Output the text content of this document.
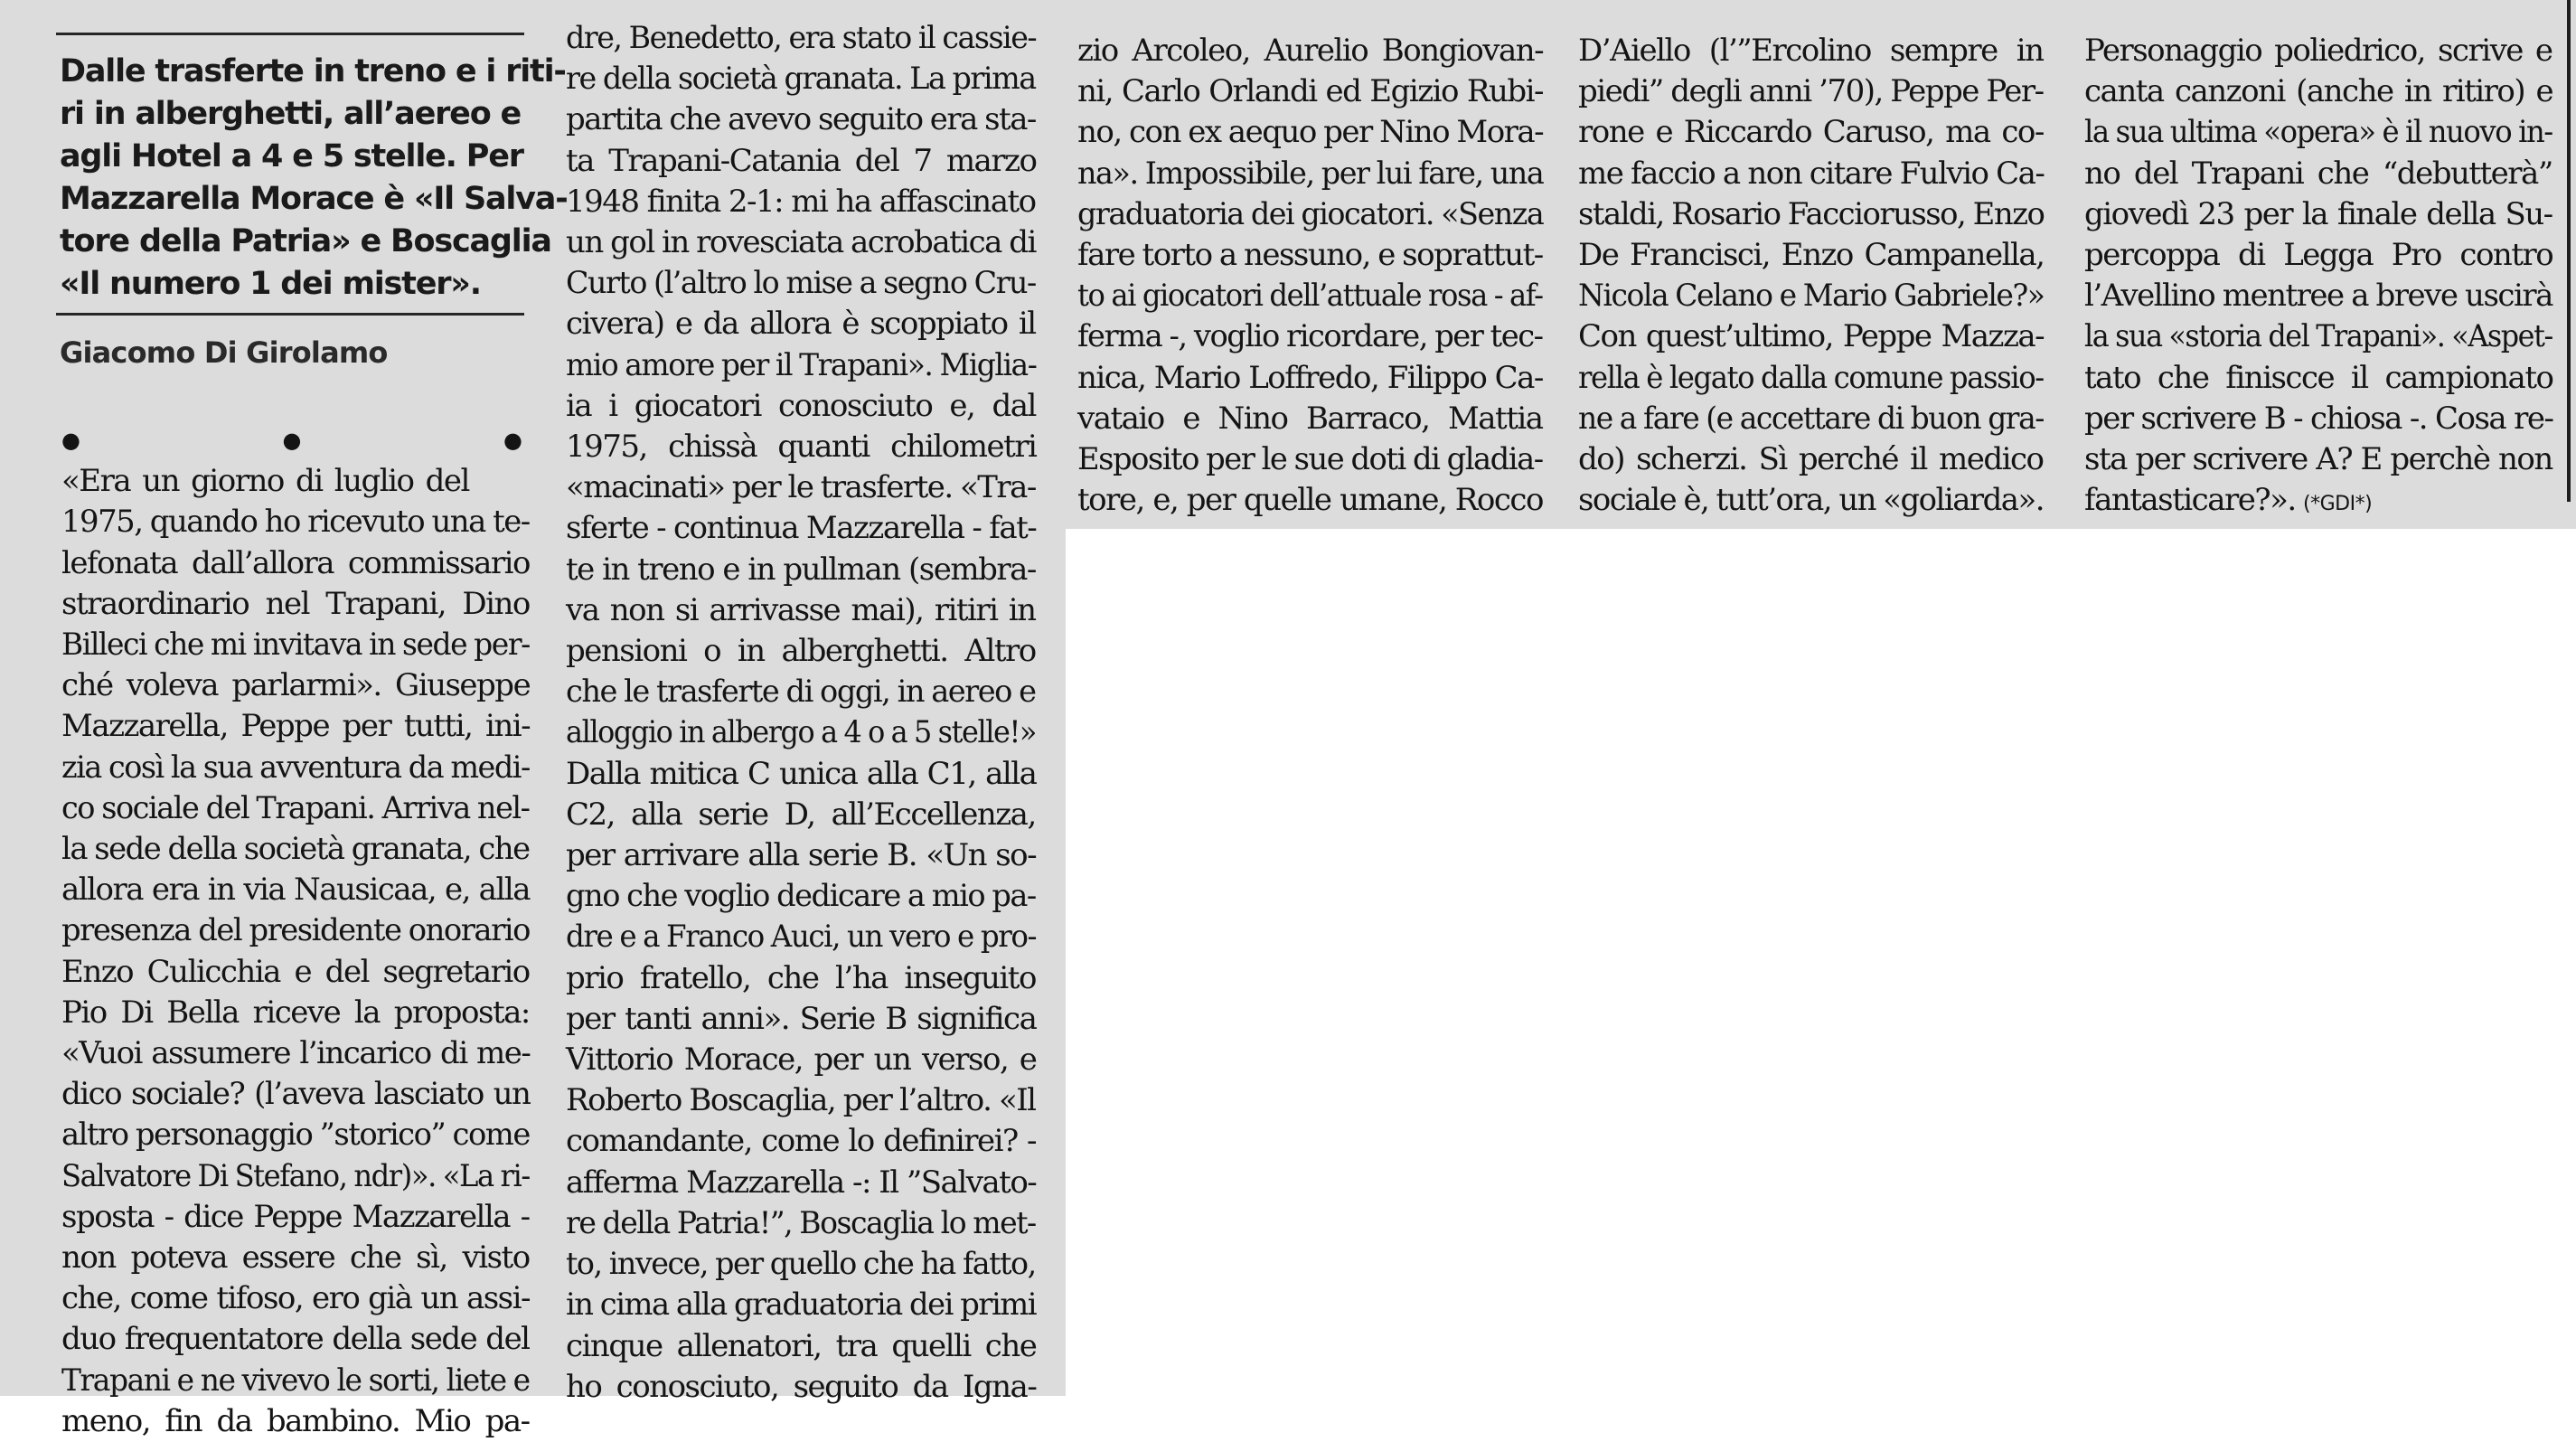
Dalle trasferte in treno e i riti-
ri in alberghetti, all’aereo e
agli Hotel a 4 e 5 stelle. Per
Mazzarella Morace è «Il Salva-
tore della Patria» e Boscaglia
«Il numero 1 dei mister».
Giacomo Di Girolamo
●●● «Era un giorno di luglio del
1975, quando ho ricevuto una te-
lefonata dall’allora commissario
straordinario nel Trapani, Dino
Billeci che mi invitava in sede per-
ché voleva parlarmi». Giuseppe
Mazzarella, Peppe per tutti, ini-
zia così la sua avventura da medi-
co sociale del Trapani. Arriva nel-
la sede della società granata, che
allora era in via Nausicaa, e, alla
presenza del presidente onorario
Enzo Culicchia e del segretario
Pio Di Bella riceve la proposta:
«Vuoi assumere l’incarico di me-
dico sociale? (l’aveva lasciato un
altro personaggio ”storico” come
Salvatore Di Stefano, ndr)». «La ri-
sposta - dice Peppe Mazzarella -
non poteva essere che sì, visto
che, come tifoso, ero già un assi-
duo frequentatore della sede del
Trapani e ne vivevo le sorti, liete e
meno, fin da bambino. Mio pa-
dre, Benedetto, era stato il cassie-
re della società granata. La prima
partita che avevo seguito era sta-
ta Trapani-Catania del 7 marzo
1948 finita 2-1: mi ha affascinato
un gol in rovesciata acrobatica di
Curto (l’altro lo mise a segno Cru-
civera) e da allora è scoppiato il
mio amore per il Trapani». Miglia-
ia i giocatori conosciuto e, dal
1975, chissà quanti chilometri
«macinati» per le trasferte. «Tra-
sferte - continua Mazzarella - fat-
te in treno e in pullman (sembra-
va non si arrivasse mai), ritiri in
pensioni o in alberghetti. Altro
che le trasferte di oggi, in aereo e
alloggio in albergo a 4 o a 5 stelle!»
Dalla mitica C unica alla C1, alla
C2, alla serie D, all’Eccellenza,
per arrivare alla serie B. «Un so-
gno che voglio dedicare a mio pa-
dre e a Franco Auci, un vero e pro-
prio fratello, che l’ha inseguito
per tanti anni». Serie B significa
Vittorio Morace, per un verso, e
Roberto Boscaglia, per l’altro. «Il
comandante, come lo definirei? -
afferma Mazzarella -: Il ”Salvato-
re della Patria!”, Boscaglia lo met-
to, invece, per quello che ha fatto,
in cima alla graduatoria dei primi
cinque allenatori, tra quelli che
ho conosciuto, seguito da Igna-
zio Arcoleo, Aurelio Bongiovan-
ni, Carlo Orlandi ed Egizio Rubi-
no, con ex aequo per Nino Mora-
na». Impossibile, per lui fare, una
graduatoria dei giocatori. «Senza
fare torto a nessuno, e soprattut-
to ai giocatori dell’attuale rosa - af-
ferma -, voglio ricordare, per tec-
nica, Mario Loffredo, Filippo Ca-
vataio e Nino Barraco, Mattia
Esposito per le sue doti di gladia-
tore, e, per quelle umane, Rocco
D’Aiello (l’”Ercolino sempre in
piedi” degli anni ’70), Peppe Per-
rone e Riccardo Caruso, ma co-
me faccio a non citare Fulvio Ca-
staldi, Rosario Facciorusso, Enzo
De Francisci, Enzo Campanella,
Nicola Celano e Mario Gabriele?»
Con quest’ultimo, Peppe Mazza-
rella è legato dalla comune passio-
ne a fare (e accettare di buon gra-
do) scherzi. Sì perché il medico
sociale è, tutt’ora, un «goliarda».
Personaggio poliedrico, scrive e
canta canzoni (anche in ritiro) e
la sua ultima «opera» è il nuovo in-
no del Trapani che “debutterà”
giovedì 23 per la finale della Su-
percoppa di Legga Pro contro
l’Avellino mentree a breve uscirà
la sua «storia del Trapani». «Aspet-
tato che finiscce il campionato
per scrivere B - chiosa -. Cosa re-
sta per scrivere A? E perchè non
fantasticare?». (*GDI*)
